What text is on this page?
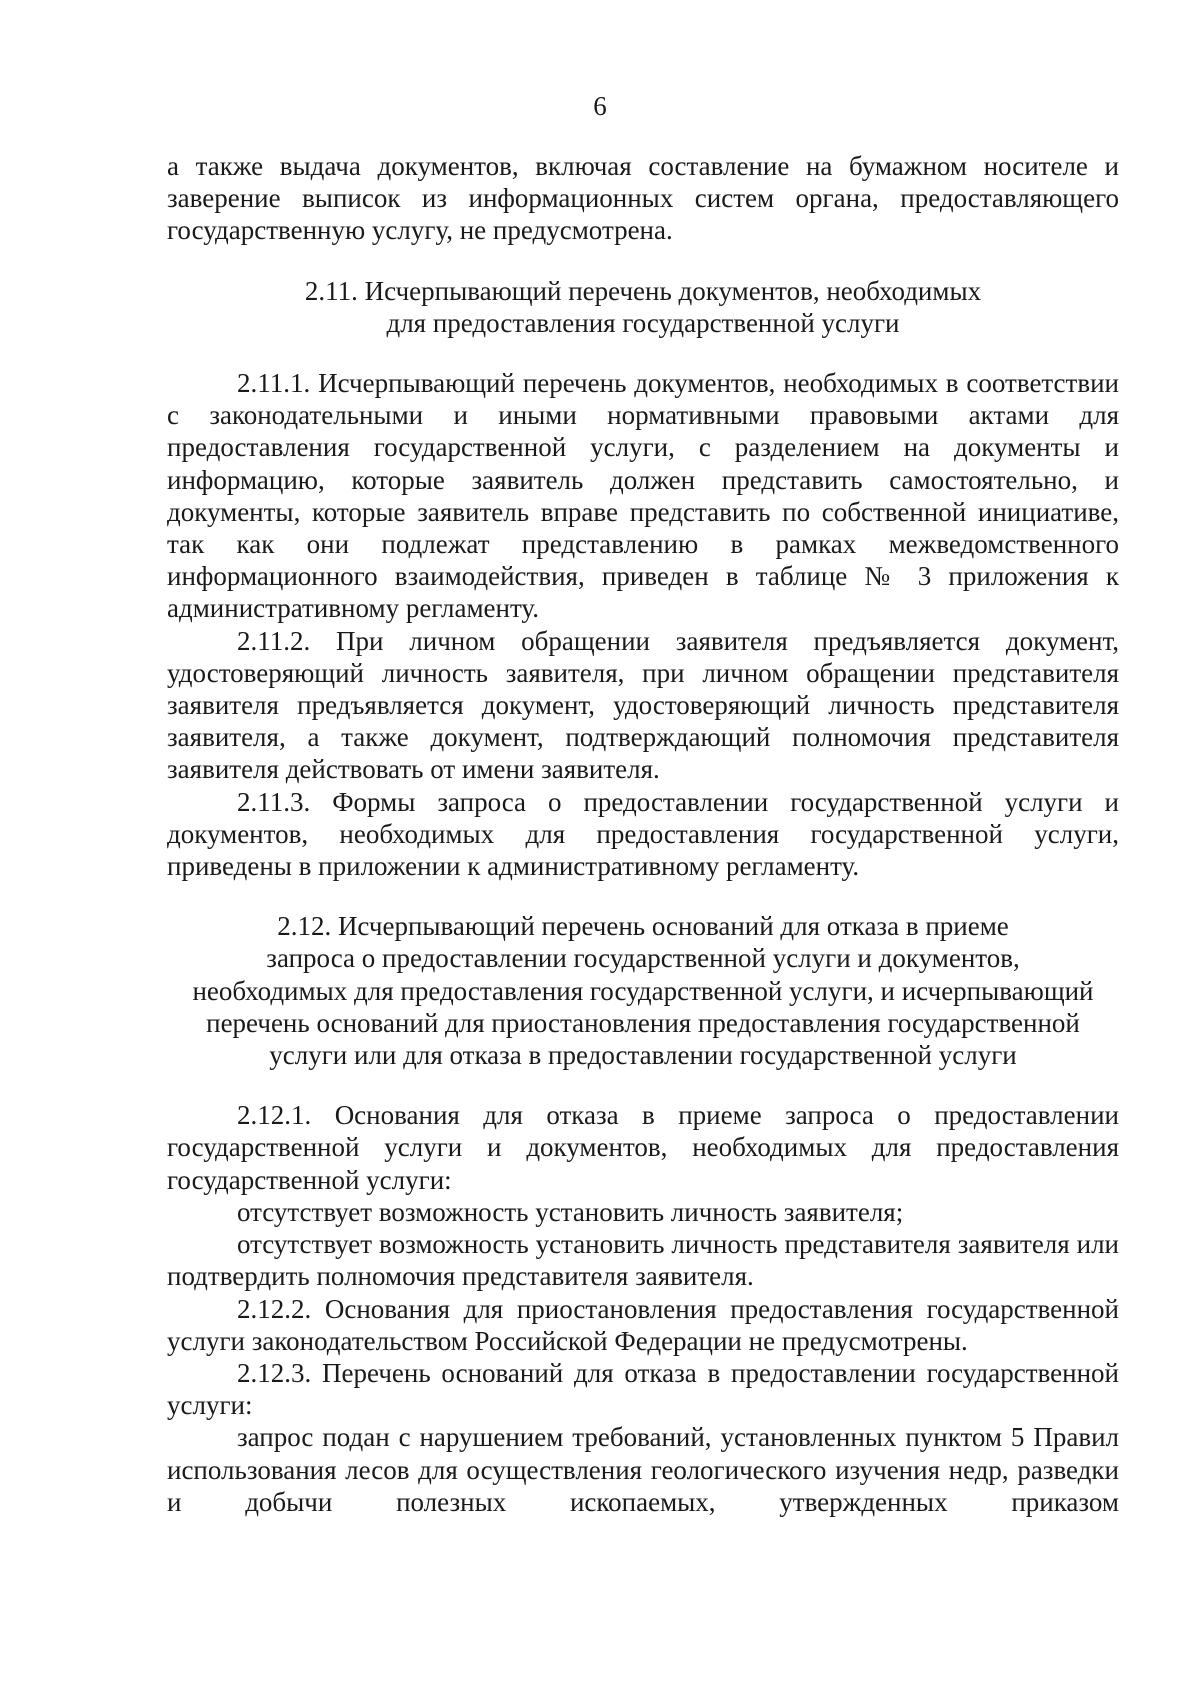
6

а также выдача документов, включая составление на бумажном носителе и заверение выписок из информационных систем органа, предоставляющего государственную услугу, не предусмотрена.

2.11. Исчерпывающий перечень документов, необходимых
для предоставления государственной услуги

2.11.1. Исчерпывающий перечень документов, необходимых в соответствии с законодательными и иными нормативными правовыми актами для предоставления государственной услуги, с разделением на документы и информацию, которые заявитель должен представить самостоятельно, и документы, которые заявитель вправе представить по собственной инициативе, так как они подлежат представлению в рамках межведомственного информационного взаимодействия, приведен в таблице № 3 приложения к административному регламенту.

2.11.2. При личном обращении заявителя предъявляется документ, удостоверяющий личность заявителя, при личном обращении представителя заявителя предъявляется документ, удостоверяющий личность представителя заявителя, а также документ, подтверждающий полномочия представителя заявителя действовать от имени заявителя.

2.11.3. Формы запроса о предоставлении государственной услуги и документов, необходимых для предоставления государственной услуги, приведены в приложении к административному регламенту.

2.12. Исчерпывающий перечень оснований для отказа в приеме
запроса о предоставлении государственной услуги и документов,
необходимых для предоставления государственной услуги, и исчерпывающий
перечень оснований для приостановления предоставления государственной
услуги или для отказа в предоставлении государственной услуги

2.12.1. Основания для отказа в приеме запроса о предоставлении государственной услуги и документов, необходимых для предоставления государственной услуги:

отсутствует возможность установить личность заявителя;

отсутствует возможность установить личность представителя заявителя или подтвердить полномочия представителя заявителя.

2.12.2. Основания для приостановления предоставления государственной услуги законодательством Российской Федерации не предусмотрены.

2.12.3. Перечень оснований для отказа в предоставлении государственной услуги:

запрос подан с нарушением требований, установленных пунктом 5 Правил использования лесов для осуществления геологического изучения недр, разведки и добычи полезных ископаемых, утвержденных приказом
